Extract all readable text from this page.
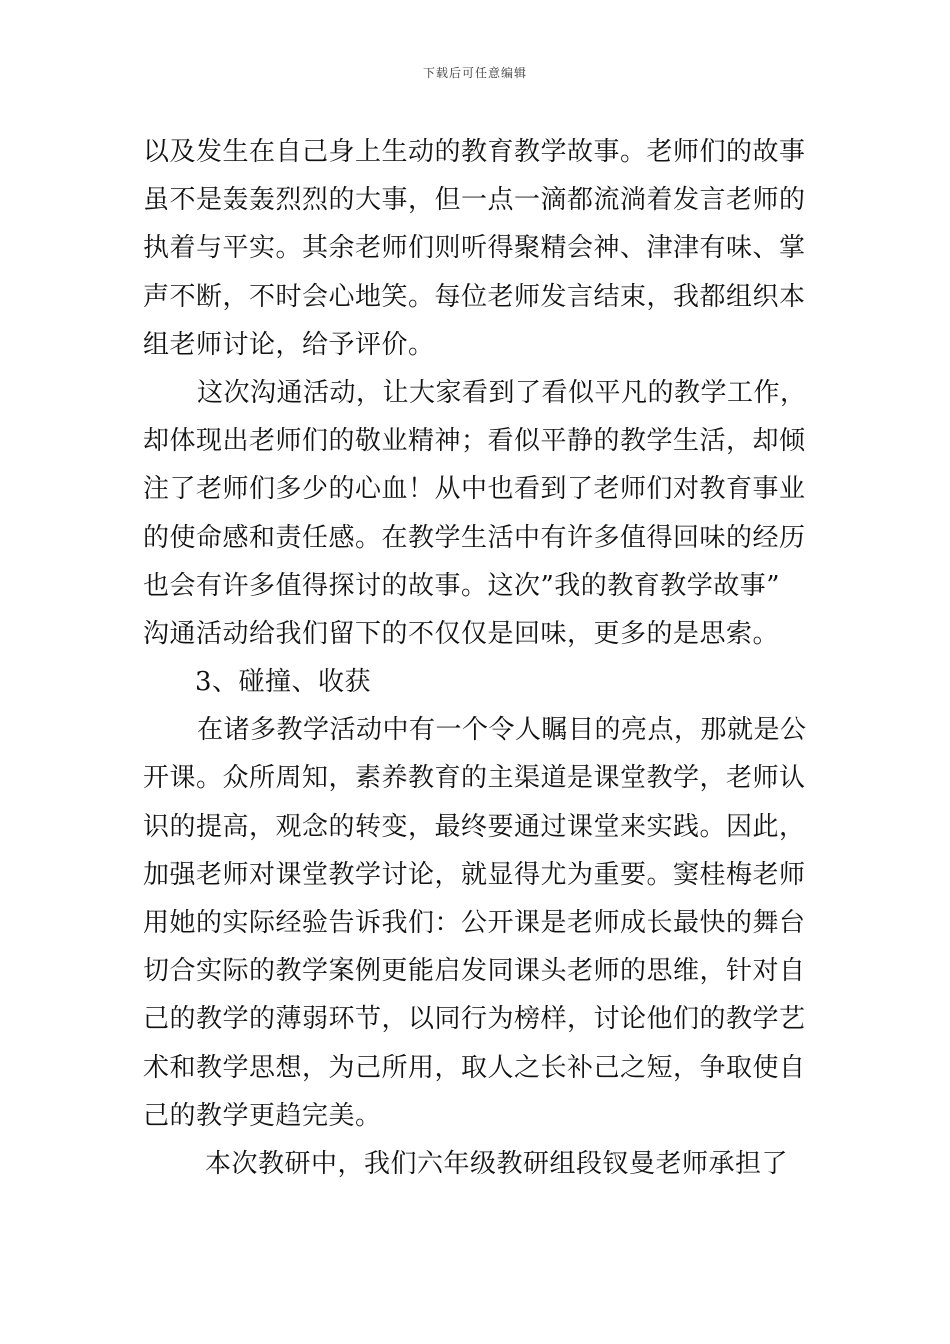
下载后可任意编辑
以及发生在自己身上生动的教育教学故事。老师们的故事
虽不是轰轰烈烈的大事，但一点一滴都流淌着发言老师的
执着与平实。其余老师们则听得聚精会神、津津有味、掌
声不断，不时会心地笑。每位老师发言结束，我都组织本
组老师讨论，给予评价。
这次沟通活动，让大家看到了看似平凡的教学工作，
却体现出老师们的敬业精神；看似平静的教学生活，却倾
注了老师们多少的心血！从中也看到了老师们对教育事业
的使命感和责任感。在教学生活中有许多值得回味的经历
也会有许多值得探讨的故事。这次”我的教育教学故事”
沟通活动给我们留下的不仅仅是回味，更多的是思索。
3、碰撞、收获
在诸多教学活动中有一个令人瞩目的亮点，那就是公
开课。众所周知，素养教育的主渠道是课堂教学，老师认
识的提高，观念的转变，最终要通过课堂来实践。因此，
加强老师对课堂教学讨论，就显得尤为重要。窦桂梅老师
用她的实际经验告诉我们：公开课是老师成长最快的舞台
切合实际的教学案例更能启发同课头老师的思维，针对自
己的教学的薄弱环节，以同行为榜样，讨论他们的教学艺
术和教学思想，为己所用，取人之长补己之短，争取使自
己的教学更趋完美。
本次教研中，我们六年级教研组段钗曼老师承担了
